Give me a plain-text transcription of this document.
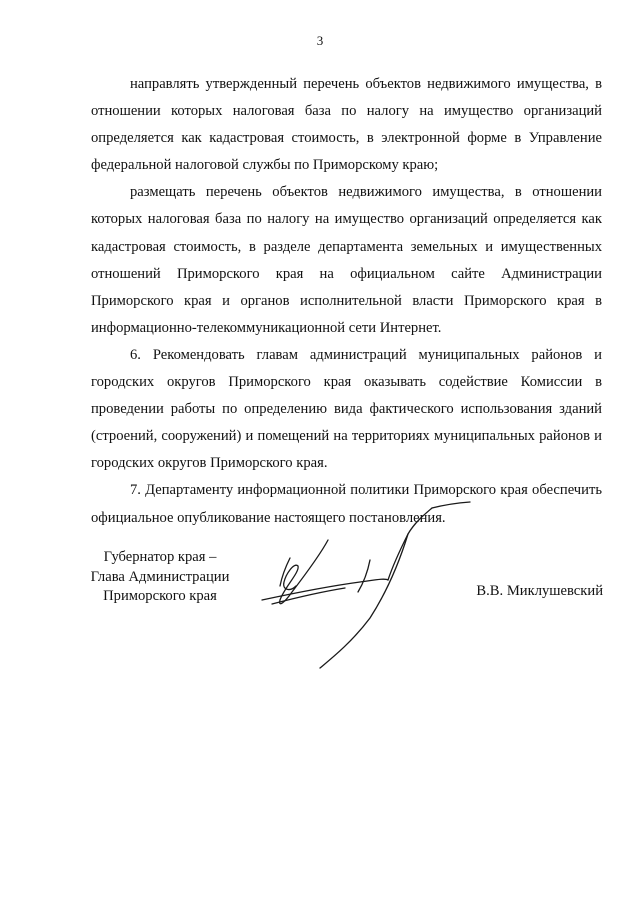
3

направлять утвержденный перечень объектов недвижимого имущества, в отношении которых налоговая база по налогу на имущество организаций определяется как кадастровая стоимость, в электронной форме в Управление федеральной налоговой службы по Приморскому краю;

размещать перечень объектов недвижимого имущества, в отношении которых налоговая база по налогу на имущество организаций определяется как кадастровая стоимость, в разделе департамента земельных и имущественных отношений Приморского края на официальном сайте Администрации Приморского края и органов исполнительной власти Приморского края в информационно-телекоммуникационной сети Интернет.

6. Рекомендовать главам администраций муниципальных районов и городских округов Приморского края оказывать содействие Комиссии в проведении работы по определению вида фактического использования зданий (строений, сооружений) и помещений на территориях муниципальных районов и городских округов Приморского края.

7. Департаменту информационной политики Приморского края обеспечить официальное опубликование настоящего постановления.

Губернатор края –
Глава Администрации
Приморского края	В.В. Миклушевский
